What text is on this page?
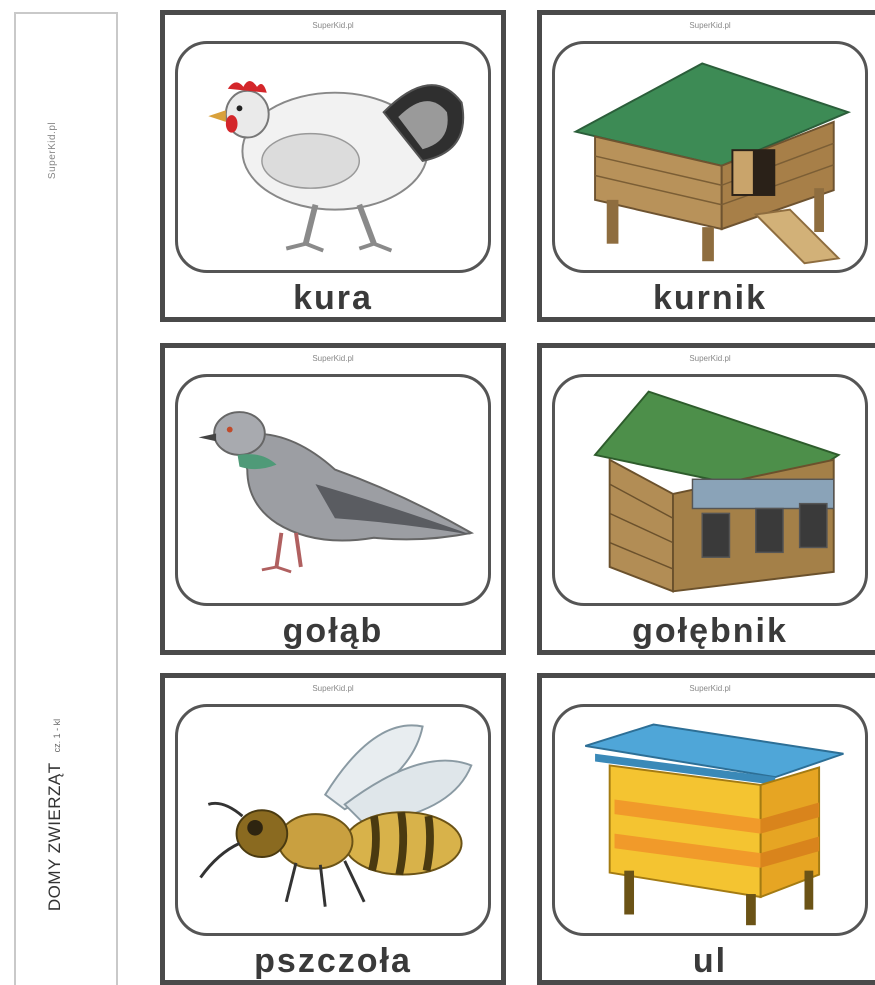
SuperKid.pl
DOMY ZWIERZĄT
cz. 1 - kl
SuperKid.pl
kura
SuperKid.pl
kurnik
SuperKid.pl
gołąb
SuperKid.pl
gołębnik
SuperKid.pl
pszczoła
SuperKid.pl
ul
